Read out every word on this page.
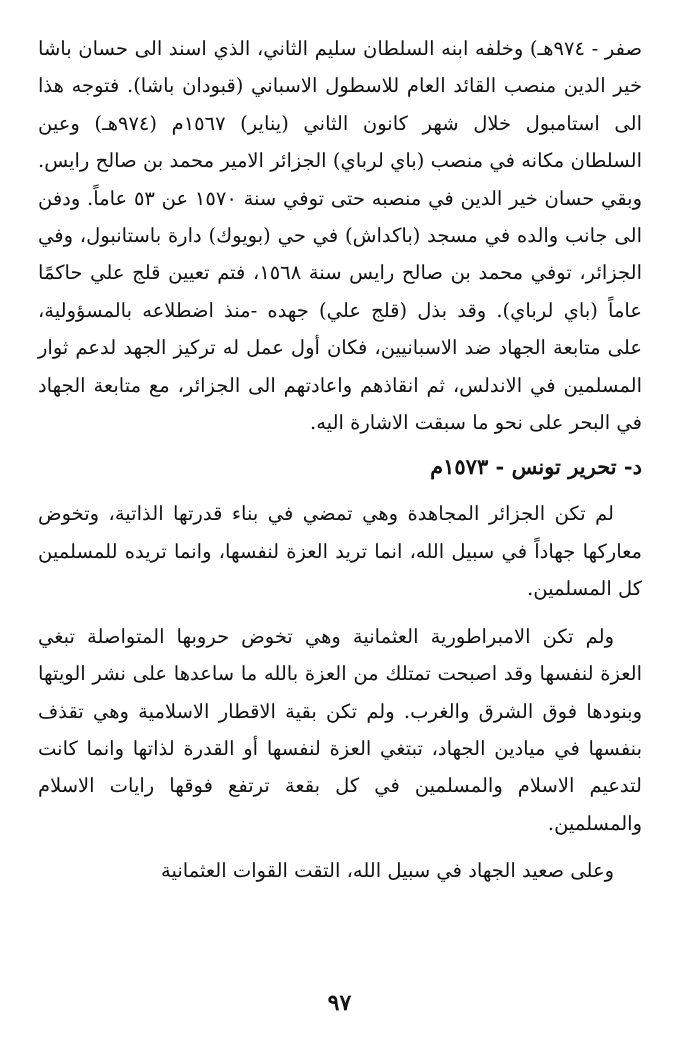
صفر - ٩٧٤هـ) وخلفه ابنه السلطان سليم الثاني، الذي اسند الى حسان باشا خير الدين منصب القائد العام للاسطول الاسباني (قبودان باشا). فتوجه هذا الى استامبول خلال شهر كانون الثاني (يناير) ١٥٦٧م (٩٧٤هـ) وعين السلطان مكانه في منصب (باي لرباي) الجزائر الامير محمد بن صالح رايس. وبقي حسان خير الدين في منصبه حتى توفي سنة ١٥٧٠ عن ٥٣ عاماً. ودفن الى جانب والده في مسجد (باكداش) في حي (بويوك) دارة باستانبول، وفي الجزائر، توفي محمد بن صالح رايس سنة ١٥٦٨، فتم تعيين قلج علي حاكمًا عاماً (باي لرباي). وقد بذل (قلج علي) جهده -منذ اضطلاعه بالمسؤولية، على متابعة الجهاد ضد الاسبانيين، فكان أول عمل له تركيز الجهد لدعم ثوار المسلمين في الاندلس، ثم انقاذهم واعادتهم الى الجزائر، مع متابعة الجهاد في البحر على نحو ما سبقت الاشارة اليه.

د- تحرير تونس - ١٥٧٣م

لم تكن الجزائر المجاهدة وهي تمضي في بناء قدرتها الذاتية، وتخوض معاركها جهاداً في سبيل الله، انما تريد العزة لنفسها، وانما تريده للمسلمين كل المسلمين.

ولم تكن الامبراطورية العثمانية وهي تخوض حروبها المتواصلة تبغي العزة لنفسها وقد اصبحت تمتلك من العزة بالله ما ساعدها على نشر الويتها وبنودها فوق الشرق والغرب. ولم تكن بقية الاقطار الاسلامية وهي تقذف بنفسها في ميادين الجهاد، تبتغي العزة لنفسها أو القدرة لذاتها وانما كانت لتدعيم الاسلام والمسلمين في كل بقعة ترتفع فوقها رايات الاسلام والمسلمين.

وعلى صعيد الجهاد في سبيل الله، التقت القوات العثمانية

٩٧
